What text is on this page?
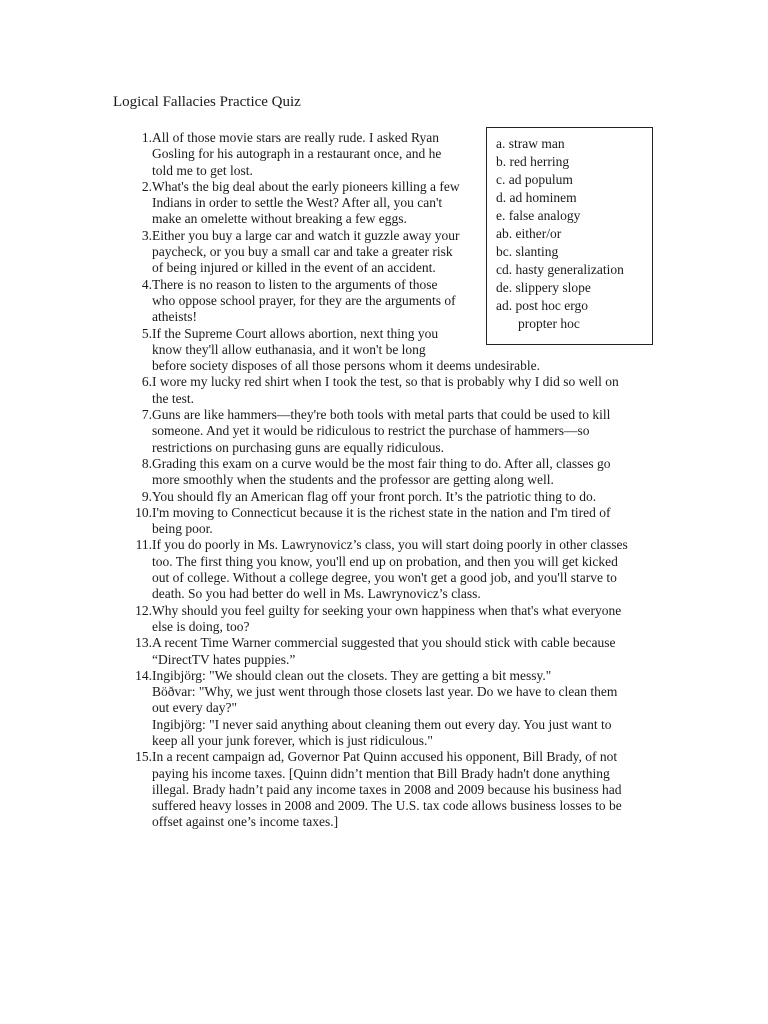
Logical Fallacies Practice Quiz
a. straw man
b. red herring
c. ad populum
d. ad hominem
e. false analogy
ab. either/or
bc. slanting
cd. hasty generalization
de. slippery slope
ad. post hoc ergo
propter hoc
1. All of those movie stars are really rude. I asked Ryan
Gosling for his autograph in a restaurant once, and he
told me to get lost.
2. What's the big deal about the early pioneers killing a few
Indians in order to settle the West? After all, you can't
make an omelette without breaking a few eggs.
3. Either you buy a large car and watch it guzzle away your
paycheck, or you buy a small car and take a greater risk
of being injured or killed in the event of an accident.
4. There is no reason to listen to the arguments of those
who oppose school prayer, for they are the arguments of
atheists!
5. If the Supreme Court allows abortion, next thing you
know they'll allow euthanasia, and it won't be long
before society disposes of all those persons whom it deems undesirable.
6. I wore my lucky red shirt when I took the test, so that is probably why I did so well on
the test.
7. Guns are like hammers—they're both tools with metal parts that could be used to kill
someone. And yet it would be ridiculous to restrict the purchase of hammers—so
restrictions on purchasing guns are equally ridiculous.
8. Grading this exam on a curve would be the most fair thing to do. After all, classes go
more smoothly when the students and the professor are getting along well.
9. You should fly an American flag off your front porch. It’s the patriotic thing to do.
10. I'm moving to Connecticut because it is the richest state in the nation and I'm tired of
being poor.
11. If you do poorly in Ms. Lawrynovicz’s class, you will start doing poorly in other classes
too. The first thing you know, you'll end up on probation, and then you will get kicked
out of college. Without a college degree, you won't get a good job, and you'll starve to
death. So you had better do well in Ms. Lawrynovicz’s class.
12. Why should you feel guilty for seeking your own happiness when that's what everyone
else is doing, too?
13. A recent Time Warner commercial suggested that you should stick with cable because
“DirectTV hates puppies.”
14. Ingibjörg: "We should clean out the closets. They are getting a bit messy."
Böðvar: "Why, we just went through those closets last year. Do we have to clean them
out every day?"
Ingibjörg: "I never said anything about cleaning them out every day. You just want to
keep all your junk forever, which is just ridiculous."
15. In a recent campaign ad, Governor Pat Quinn accused his opponent, Bill Brady, of not
paying his income taxes. [Quinn didn’t mention that Bill Brady hadn't done anything
illegal. Brady hadn’t paid any income taxes in 2008 and 2009 because his business had
suffered heavy losses in 2008 and 2009. The U.S. tax code allows business losses to be
offset against one’s income taxes.]
